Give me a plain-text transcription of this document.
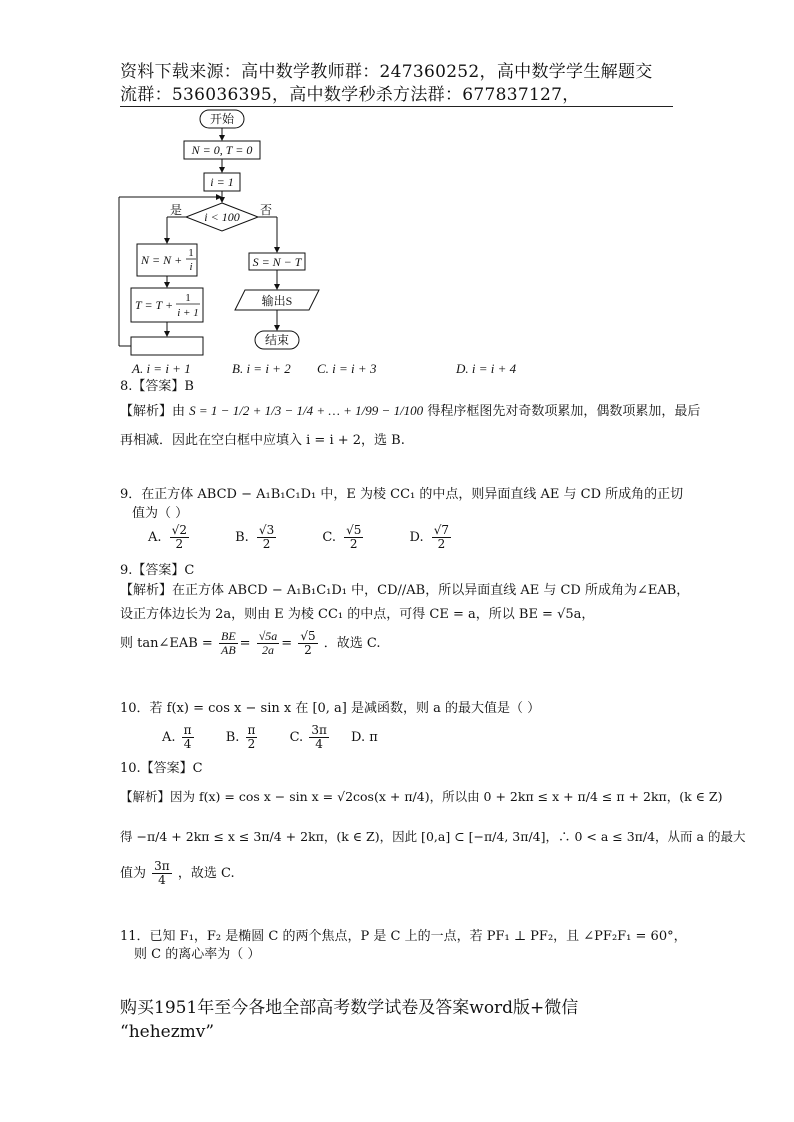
资料下载来源：高中数学教师群：247360252，高中数学学生解题交
流群：536036395，高中数学秒杀方法群：677837127，
开始
N = 0, T = 0
i = 1
i < 100
是	否
N = N + 1
i
T = T + 1
i + 1
S = N − T
输出S
结束
A. i = i + 1	B. i = i + 2 C. i = i + 3	D. i = i + 4
8.【答案】B
【解析】由 S = 1 − 1/2 + 1/3 − 1/4 + … + 1/99 − 1/100 得程序框图先对奇数项累加，偶数项累加，最后
再相减．因此在空白框中应填入 i = i + 2，选 B.
9．在正方体 ABCD − A₁B₁C₁D₁ 中，E 为棱 CC₁ 的中点，则异面直线 AE 与 CD 所成角的正切
值为（ ）
A. $\frac{√2}{2}$	B. $\frac{√3}{2}$	C. $\frac{√5}{2}$	D. $\frac{√7}{2}$
9.【答案】C
【解析】在正方体 ABCD − A₁B₁C₁D₁ 中，CD//AB，所以异面直线 AE 与 CD 所成角为∠EAB，
设正方体边长为 2a，则由 E 为棱 CC₁ 的中点，可得 CE = a，所以 BE = √5a，
则 tan∠EAB = $\frac{BE}{AB} = \frac{√5a}{2a} = \frac{√5}{2}$ ．故选 C.
10．若 f(x) = cos x − sin x 在 [0, a] 是减函数，则 a 的最大值是（ ）
A. $\frac{\pi}{4} B$. $\frac{\pi}{2} C$. $\frac{3\pi}{4} D$. π
10.【答案】C
【解析】因为 f(x) = cos x − sin x = √2cos(x + π/4)，所以由 0 + 2kπ ≤ x + π/4 ≤ π + 2kπ，(k ∈ Z)
得 −π/4 + 2kπ ≤ x ≤ 3π/4 + 2kπ，(k ∈ Z)，因此 [0,a] ⊂ [−π/4, 3π/4]，∴ 0 < a ≤ 3π/4，从而 a 的最大
值为 $\frac{3\pi}{4}$ ，故选 C.
11．已知 F₁，F₂ 是椭圆 C 的两个焦点，P 是 C 上的一点，若 PF₁ ⊥ PF₂，且 ∠PF₂F₁ = 60°，
则 C 的离心率为（ ）
购买1951年至今各地全部高考数学试卷及答案word版+微信
“hehezmv”
